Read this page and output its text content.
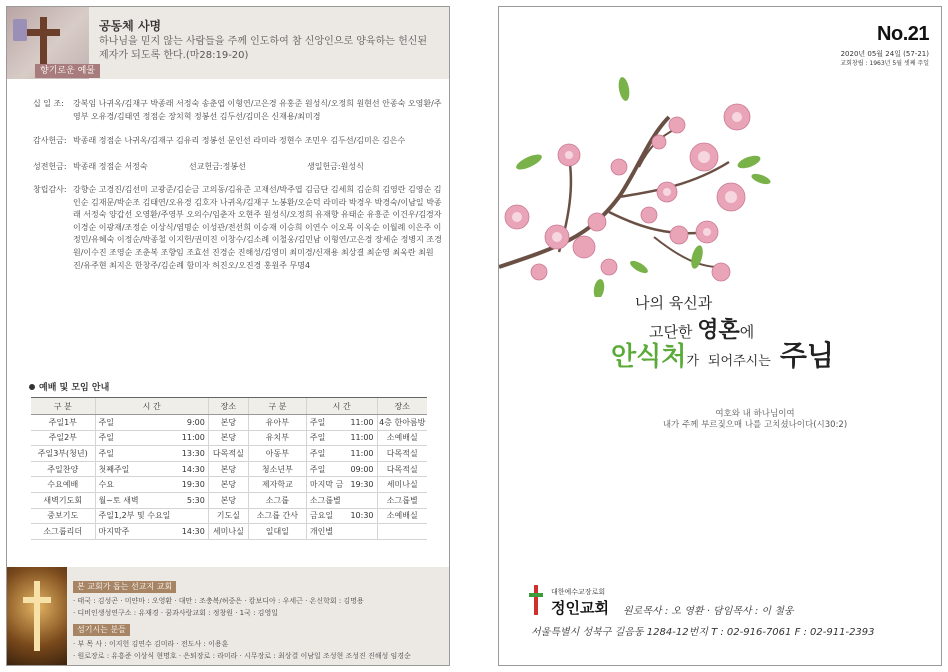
공동체 사명
하나님을 믿지 않는 사람들을 주께 인도하여 참 신앙인으로 양육하는 헌신된 제자가 되도록 한다.(마28:19-20)
향기로운 예물
십 일 조:	강복임 나귀옥/김재구 박종래 서정숙 송춘엽 이형연/고은경 유홍준 원성식/오정희 원현선 안종숙 오영환/주영부 오유경/김태연 정점순 장치혁 정봉선 김두선/김미은 신재용/최미경
감사헌금: 박종래 정점순 나귀옥/김재구 김유리 정봉선 문인선 라미라 정현수 조민우 김두선/김미은 김은수
성전헌금: 박종래 정점순 서정숙	선교헌금:정봉선	생일헌금:원성식
창립감사: 강향순 고경진/김선미 고광준/김순금 고의동/김유준 고재선/박주엽 김금단 김세희 김순희 김영란 김영순 김인순 김재문/박순조 김태연/오유경 김호자 나귀옥/김재구 노봉환/오순덕 라미라 박경우 박경숙/이남일 박종래 서정숙 양갑선 오영환/주영부 오의수/임춘자 오현주 원성식/오정희 유재향 유태순 유흥준 이건우/김경자 이경순 이광재/조정순 이상식/염명순 이성관/전선희 이승재 이승희 이연수 이오목 이옥순 이월례 이은주 이정민/유혜숙 이정순/박종철 이지헌/권미진 이창수/김소례 이철웅/김민남 이형연/고은경 장세순 정병지 조경원/이수진 조영순 조춘복 조향임 조효선 진경순 진해성/김영미 최미경/신재용 최상결 최순영 최욱란 최원진/유주현 최지은 한창주/김순례 함미자 허진오/오진경 홍원주 무명4
예배 및 모임 안내
구 분	시 간		장소	구 분	시 간		장소
주일1부	주일	9:00	본당	유아부	주일	11:00	4층 한아름방
주일2부	주일	11:00	본당	유치부	주일	11:00	소예배실
주일3부(청년)	주일	13:30	다목적실	아동부	주일	11:00	다목적실
주일찬양	첫째주일	14:30	본당	청소년부	주일	09:00	다목적실
수요예배	수요	19:30	본당	제자학교	마지막 금	19:30	세미나실
새벽기도회	월~토 새벽	5:30	본당	소그룹	소그룹별		소그룹별
중보기도	주일1,2부 및 수요일		기도실	소그룹 간사	금요일	10:30	소예배실
소그룹리더	마지막주	14:30	세미나실	일대일	개인별		
본 교회가 돕는 선교지 교회
· 태국 : 김성곤 · 미얀마 : 오영환 · 대만 : 조충복/허중은 · 캄보디아 : 우세근 · 온신학회 : 김명용
· 디비인생성연구소 : 유재경 · 꿈과사랑교회 : 정창원 · 1국 : 김영일
섬기시는 분들
· 부 목 사 : 이지헌 김연수 김미라 · 전도사 : 이용훈
· 원로장로 : 유흥준 이상식 현명호 · 은퇴장로 : 라미라 · 시무장로 : 최상결 이남일 조성현 조성진 진해성 임경순
No.21
2020년 05월 24일 (57-21)
교회창립 : 1963년 5월 셋째 주일
나의 육신과
고단한 영혼에
안식처가 되어주시는 주님
여호와 내 하나님이여
내가 주께 부르짖으매 나를 고치셨나이다(시30:2)
대한예수교장로회
정인교회 원로목사 : 오 영환 · 담임목사 : 이 철웅
서울특별시 성북구 길음동 1284-12번지 T : 02-916-7061 F : 02-911-2393
